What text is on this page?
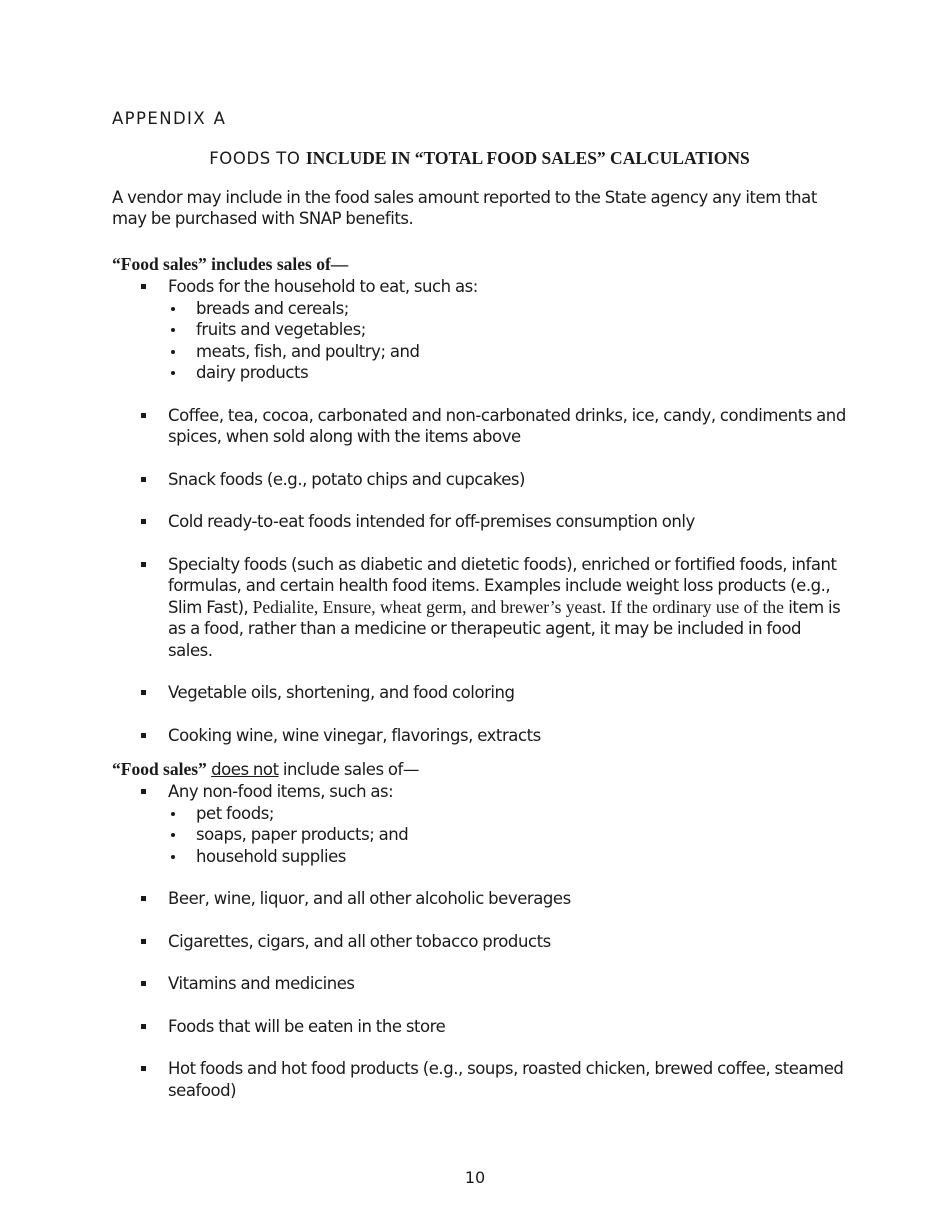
APPENDIX A
FOODS TO INCLUDE IN “TOTAL FOOD SALES” CALCULATIONS
A vendor may include in the food sales amount reported to the State agency any item that may be purchased with SNAP benefits.
“Food sales” includes sales of—
Foods for the household to eat, such as:
breads and cereals;
fruits and vegetables;
meats, fish, and poultry; and
dairy products
Coffee, tea, cocoa, carbonated and non-carbonated drinks, ice, candy, condiments and spices, when sold along with the items above
Snack foods (e.g., potato chips and cupcakes)
Cold ready-to-eat foods intended for off-premises consumption only
Specialty foods (such as diabetic and dietetic foods), enriched or fortified foods, infant formulas, and certain health food items. Examples include weight loss products (e.g., Slim Fast), Pedialite, Ensure, wheat germ, and brewer’s yeast. If the ordinary use of the item is as a food, rather than a medicine or therapeutic agent, it may be included in food sales.
Vegetable oils, shortening, and food coloring
Cooking wine, wine vinegar, flavorings, extracts
“Food sales” does not include sales of—
Any non-food items, such as:
pet foods;
soaps, paper products; and
household supplies
Beer, wine, liquor, and all other alcoholic beverages
Cigarettes, cigars, and all other tobacco products
Vitamins and medicines
Foods that will be eaten in the store
Hot foods and hot food products (e.g., soups, roasted chicken, brewed coffee, steamed seafood)
10
